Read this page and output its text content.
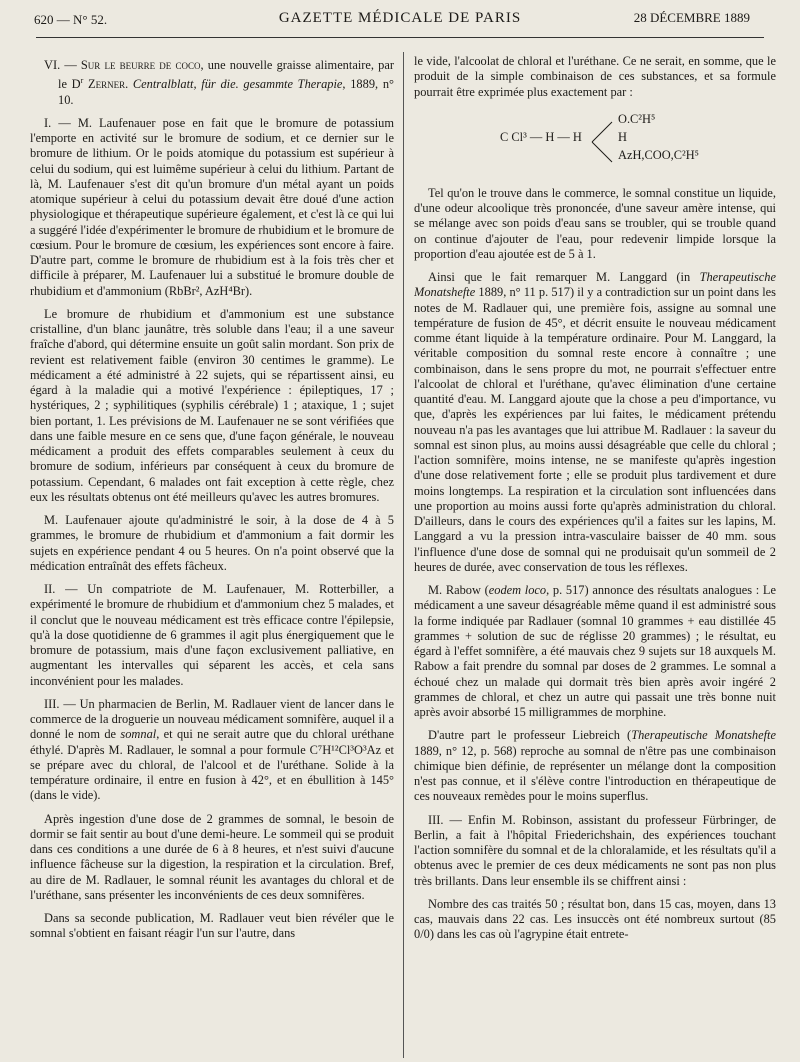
620 — N° 52.	GAZETTE MÉDICALE DE PARIS	28 DÉCEMBRE 1889

VI. — Sur le beurre de coco, une nouvelle graisse alimentaire, par le $D^r$ Zerner. Centralblatt, für die. gesammte Therapie, 1889, n° 10.

I. — M. Laufenauer pose en fait que le bromure de potassium l'emporte en activité sur le bromure de sodium, et ce dernier sur le bromure de lithium. Or le poids atomique du potassium est supérieur à celui du sodium, qui est luimême supérieur à celui du lithium. Partant de là, M. Laufenauer s'est dit qu'un bromure d'un métal ayant un poids atomique supérieur à celui du potassium devait être doué d'une action physiologique et thérapeutique supérieure également, et c'est là ce qui lui a suggéré l'idée d'expérimenter le bromure de rhubidium et le bromure de cœsium. Pour le bromure de cœsium, les expériences sont encore à faire. D'autre part, comme le bromure de rhubidium est à la fois très cher et difficile à préparer, M. Laufenauer lui a substitué le bromure double de rhubidium et d'ammonium (RbBr², AzH⁴Br).

Le bromure de rhubidium et d'ammonium est une substance cristalline, d'un blanc jaunâtre, très soluble dans l'eau; il a une saveur fraîche d'abord, qui détermine ensuite un goût salin mordant. Son prix de revient est relativement faible (environ 30 centimes le gramme). Le médicament a été administré à 22 sujets, qui se répartissent ainsi, eu égard à la maladie qui a motivé l'expérience : épileptiques, 17 ; hystériques, 2 ; syphilitiques (syphilis cérébrale) 1 ; ataxique, 1 ; sujet bien portant, 1. Les prévisions de M. Laufenauer ne se sont vérifiées que dans une faible mesure en ce sens que, d'une façon générale, le nouveau médicament a produit des effets comparables seulement à ceux du bromure de sodium, inférieurs par conséquent à ceux du bromure de potassium. Cependant, 6 malades ont fait exception à cette règle, chez eux les résultats obtenus ont été meilleurs qu'avec les autres bromures.

M. Laufenauer ajoute qu'administré le soir, à la dose de 4 à 5 grammes, le bromure de rhubidium et d'ammonium a fait dormir les sujets en expérience pendant 4 ou 5 heures. On n'a point observé que la médication entraînât des effets fâcheux.

II. — Un compatriote de M. Laufenauer, M. Rotterbiller, a expérimenté le bromure de rhubidium et d'ammonium chez 5 malades, et il conclut que le nouveau médicament est très efficace contre l'épilepsie, qu'à la dose quotidienne de 6 grammes il agit plus énergiquement que le bromure de potassium, mais d'une façon exclusivement palliative, en augmentant les intervalles qui séparent les accès, et cela sans inconvénient pour les malades.

III. — Un pharmacien de Berlin, M. Radlauer vient de lancer dans le commerce de la droguerie un nouveau médicament somnifère, auquel il a donné le nom de somnal, et qui ne serait autre que du chloral uréthane éthylé. D'après M. Radlauer, le somnal a pour formule C⁷H¹²Cl³O³Az et se prépare avec du chloral, de l'alcool et de l'uréthane. Solide à la température ordinaire, il entre en fusion à 42°, et en ébullition à 145° (dans le vide).

Après ingestion d'une dose de 2 grammes de somnal, le besoin de dormir se fait sentir au bout d'une demi-heure. Le sommeil qui se produit dans ces conditions a une durée de 6 à 8 heures, et n'est suivi d'aucune influence fâcheuse sur la digestion, la respiration et la circulation. Bref, au dire de M. Radlauer, le somnal réunit les avantages du chloral et de l'uréthane, sans présenter les inconvénients de ces deux somnifères.

Dans sa seconde publication, M. Radlauer veut bien révéler que le somnal s'obtient en faisant réagir l'un sur l'autre, dans

le vide, l'alcoolat de chloral et l'uréthane. Ce ne serait, en somme, que le produit de la simple combinaison de ces substances, et sa formule pourrait être exprimée plus exactement par :

C Cl³ — H — H
O.C²H⁵
H
AzH,COO,C²H⁵

Tel qu'on le trouve dans le commerce, le somnal constitue un liquide, d'une odeur alcoolique très prononcée, d'une saveur amère intense, qui se mélange avec son poids d'eau sans se troubler, qui se trouble quand on continue d'ajouter de l'eau, pour redevenir limpide lorsque la proportion d'eau ajoutée est de 5 à 1.

Ainsi que le fait remarquer M. Langgard (in Therapeutische Monatshefte 1889, n° 11 p. 517) il y a contradiction sur un point dans les notes de M. Radlauer qui, une première fois, assigne au somnal une température de fusion de 45°, et décrit ensuite le nouveau médicament comme étant liquide à la température ordinaire. Pour M. Langgard, la véritable composition du somnal reste encore à connaître ; une combinaison, dans le sens propre du mot, ne pourrait s'effectuer entre l'alcoolat de chloral et l'uréthane, qu'avec élimination d'une certaine quantité d'eau. M. Langgard ajoute que la chose a peu d'importance, vu que, d'après les expériences par lui faites, le médicament prétendu nouveau n'a pas les avantages que lui attribue M. Radlauer : la saveur du somnal est sinon plus, au moins aussi désagréable que celle du chloral ; l'action somnifère, moins intense, ne se manifeste qu'après ingestion d'une dose relativement forte ; elle se produit plus tardivement et dure moins longtemps. La respiration et la circulation sont influencées dans une proportion au moins aussi forte qu'après administration du chloral. D'ailleurs, dans le cours des expériences qu'il a faites sur les lapins, M. Langgard a vu la pression intra-vasculaire baisser de 40 mm. sous l'influence d'une dose de somnal qui ne produisait qu'un sommeil de 2 heures de durée, avec conservation de tous les réflexes.

M. Rabow (eodem loco, p. 517) annonce des résultats analogues : Le médicament a une saveur désagréable même quand il est administré sous la forme indiquée par Radlauer (somnal 10 grammes + eau distillée 45 grammes + solution de suc de réglisse 20 grammes) ; le résultat, eu égard à l'effet somnifère, a été mauvais chez 9 sujets sur 18 auxquels M. Rabow a fait prendre du somnal par doses de 2 grammes. Le somnal a échoué chez un malade qui dormait très bien après avoir ingéré 2 grammes de chloral, et chez un autre qui passait une très bonne nuit après avoir absorbé 15 milligrammes de morphine.

D'autre part le professeur Liebreich (Therapeutische Monatshefte 1889, n° 12, p. 568) reproche au somnal de n'être pas une combinaison chimique bien définie, de représenter un mélange dont la composition n'est pas connue, et il s'élève contre l'introduction en thérapeutique de ces nouveaux remèdes pour le moins superflus.

III. — Enfin M. Robinson, assistant du professeur Fürbringer, de Berlin, a fait à l'hôpital Friederichshain, des expériences touchant l'action somnifère du somnal et de la chloralamide, et les résultats qu'il a obtenus avec le premier de ces deux médicaments ne sont pas non plus très brillants. Dans leur ensemble ils se chiffrent ainsi :

Nombre des cas traités 50 ; résultat bon, dans 15 cas, moyen, dans 13 cas, mauvais dans 22 cas. Les insuccès ont été nombreux surtout (85 0/0) dans les cas où l'agrypine était entrete-
